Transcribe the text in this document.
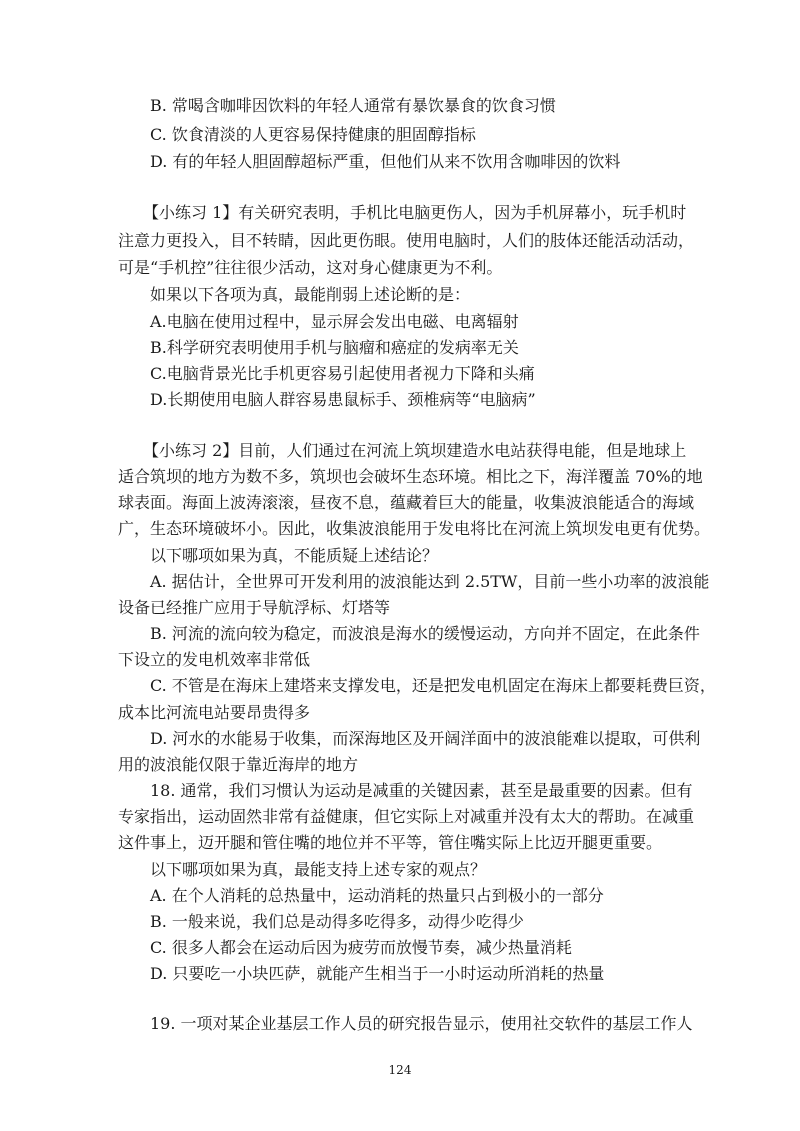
B. 常喝含咖啡因饮料的年轻人通常有暴饮暴食的饮食习惯
C. 饮食清淡的人更容易保持健康的胆固醇指标
D. 有的年轻人胆固醇超标严重，但他们从来不饮用含咖啡因的饮料
【小练习 1】有关研究表明，手机比电脑更伤人，因为手机屏幕小，玩手机时
注意力更投入，目不转睛，因此更伤眼。使用电脑时，人们的肢体还能活动活动，
可是“手机控”往往很少活动，这对身心健康更为不利。
如果以下各项为真，最能削弱上述论断的是：
A.电脑在使用过程中，显示屏会发出电磁、电离辐射
B.科学研究表明使用手机与脑瘤和癌症的发病率无关
C.电脑背景光比手机更容易引起使用者视力下降和头痛
D.长期使用电脑人群容易患鼠标手、颈椎病等“电脑病”
【小练习 2】目前，人们通过在河流上筑坝建造水电站获得电能，但是地球上
适合筑坝的地方为数不多，筑坝也会破坏生态环境。相比之下，海洋覆盖 70%的地
球表面。海面上波涛滚滚，昼夜不息，蕴藏着巨大的能量，收集波浪能适合的海域
广，生态环境破坏小。因此，收集波浪能用于发电将比在河流上筑坝发电更有优势。
以下哪项如果为真，不能质疑上述结论？
A. 据估计，全世界可开发利用的波浪能达到 2.5TW，目前一些小功率的波浪能
设备已经推广应用于导航浮标、灯塔等
B. 河流的流向较为稳定，而波浪是海水的缓慢运动，方向并不固定，在此条件
下设立的发电机效率非常低
C. 不管是在海床上建塔来支撑发电，还是把发电机固定在海床上都要耗费巨资，
成本比河流电站要昂贵得多
D. 河水的水能易于收集，而深海地区及开阔洋面中的波浪能难以提取，可供利
用的波浪能仅限于靠近海岸的地方
18. 通常，我们习惯认为运动是减重的关键因素，甚至是最重要的因素。但有
专家指出，运动固然非常有益健康，但它实际上对减重并没有太大的帮助。在减重
这件事上，迈开腿和管住嘴的地位并不平等，管住嘴实际上比迈开腿更重要。
以下哪项如果为真，最能支持上述专家的观点？
A. 在个人消耗的总热量中，运动消耗的热量只占到极小的一部分
B. 一般来说，我们总是动得多吃得多，动得少吃得少
C. 很多人都会在运动后因为疲劳而放慢节奏，减少热量消耗
D. 只要吃一小块匹萨，就能产生相当于一小时运动所消耗的热量
19. 一项对某企业基层工作人员的研究报告显示，使用社交软件的基层工作人
124
